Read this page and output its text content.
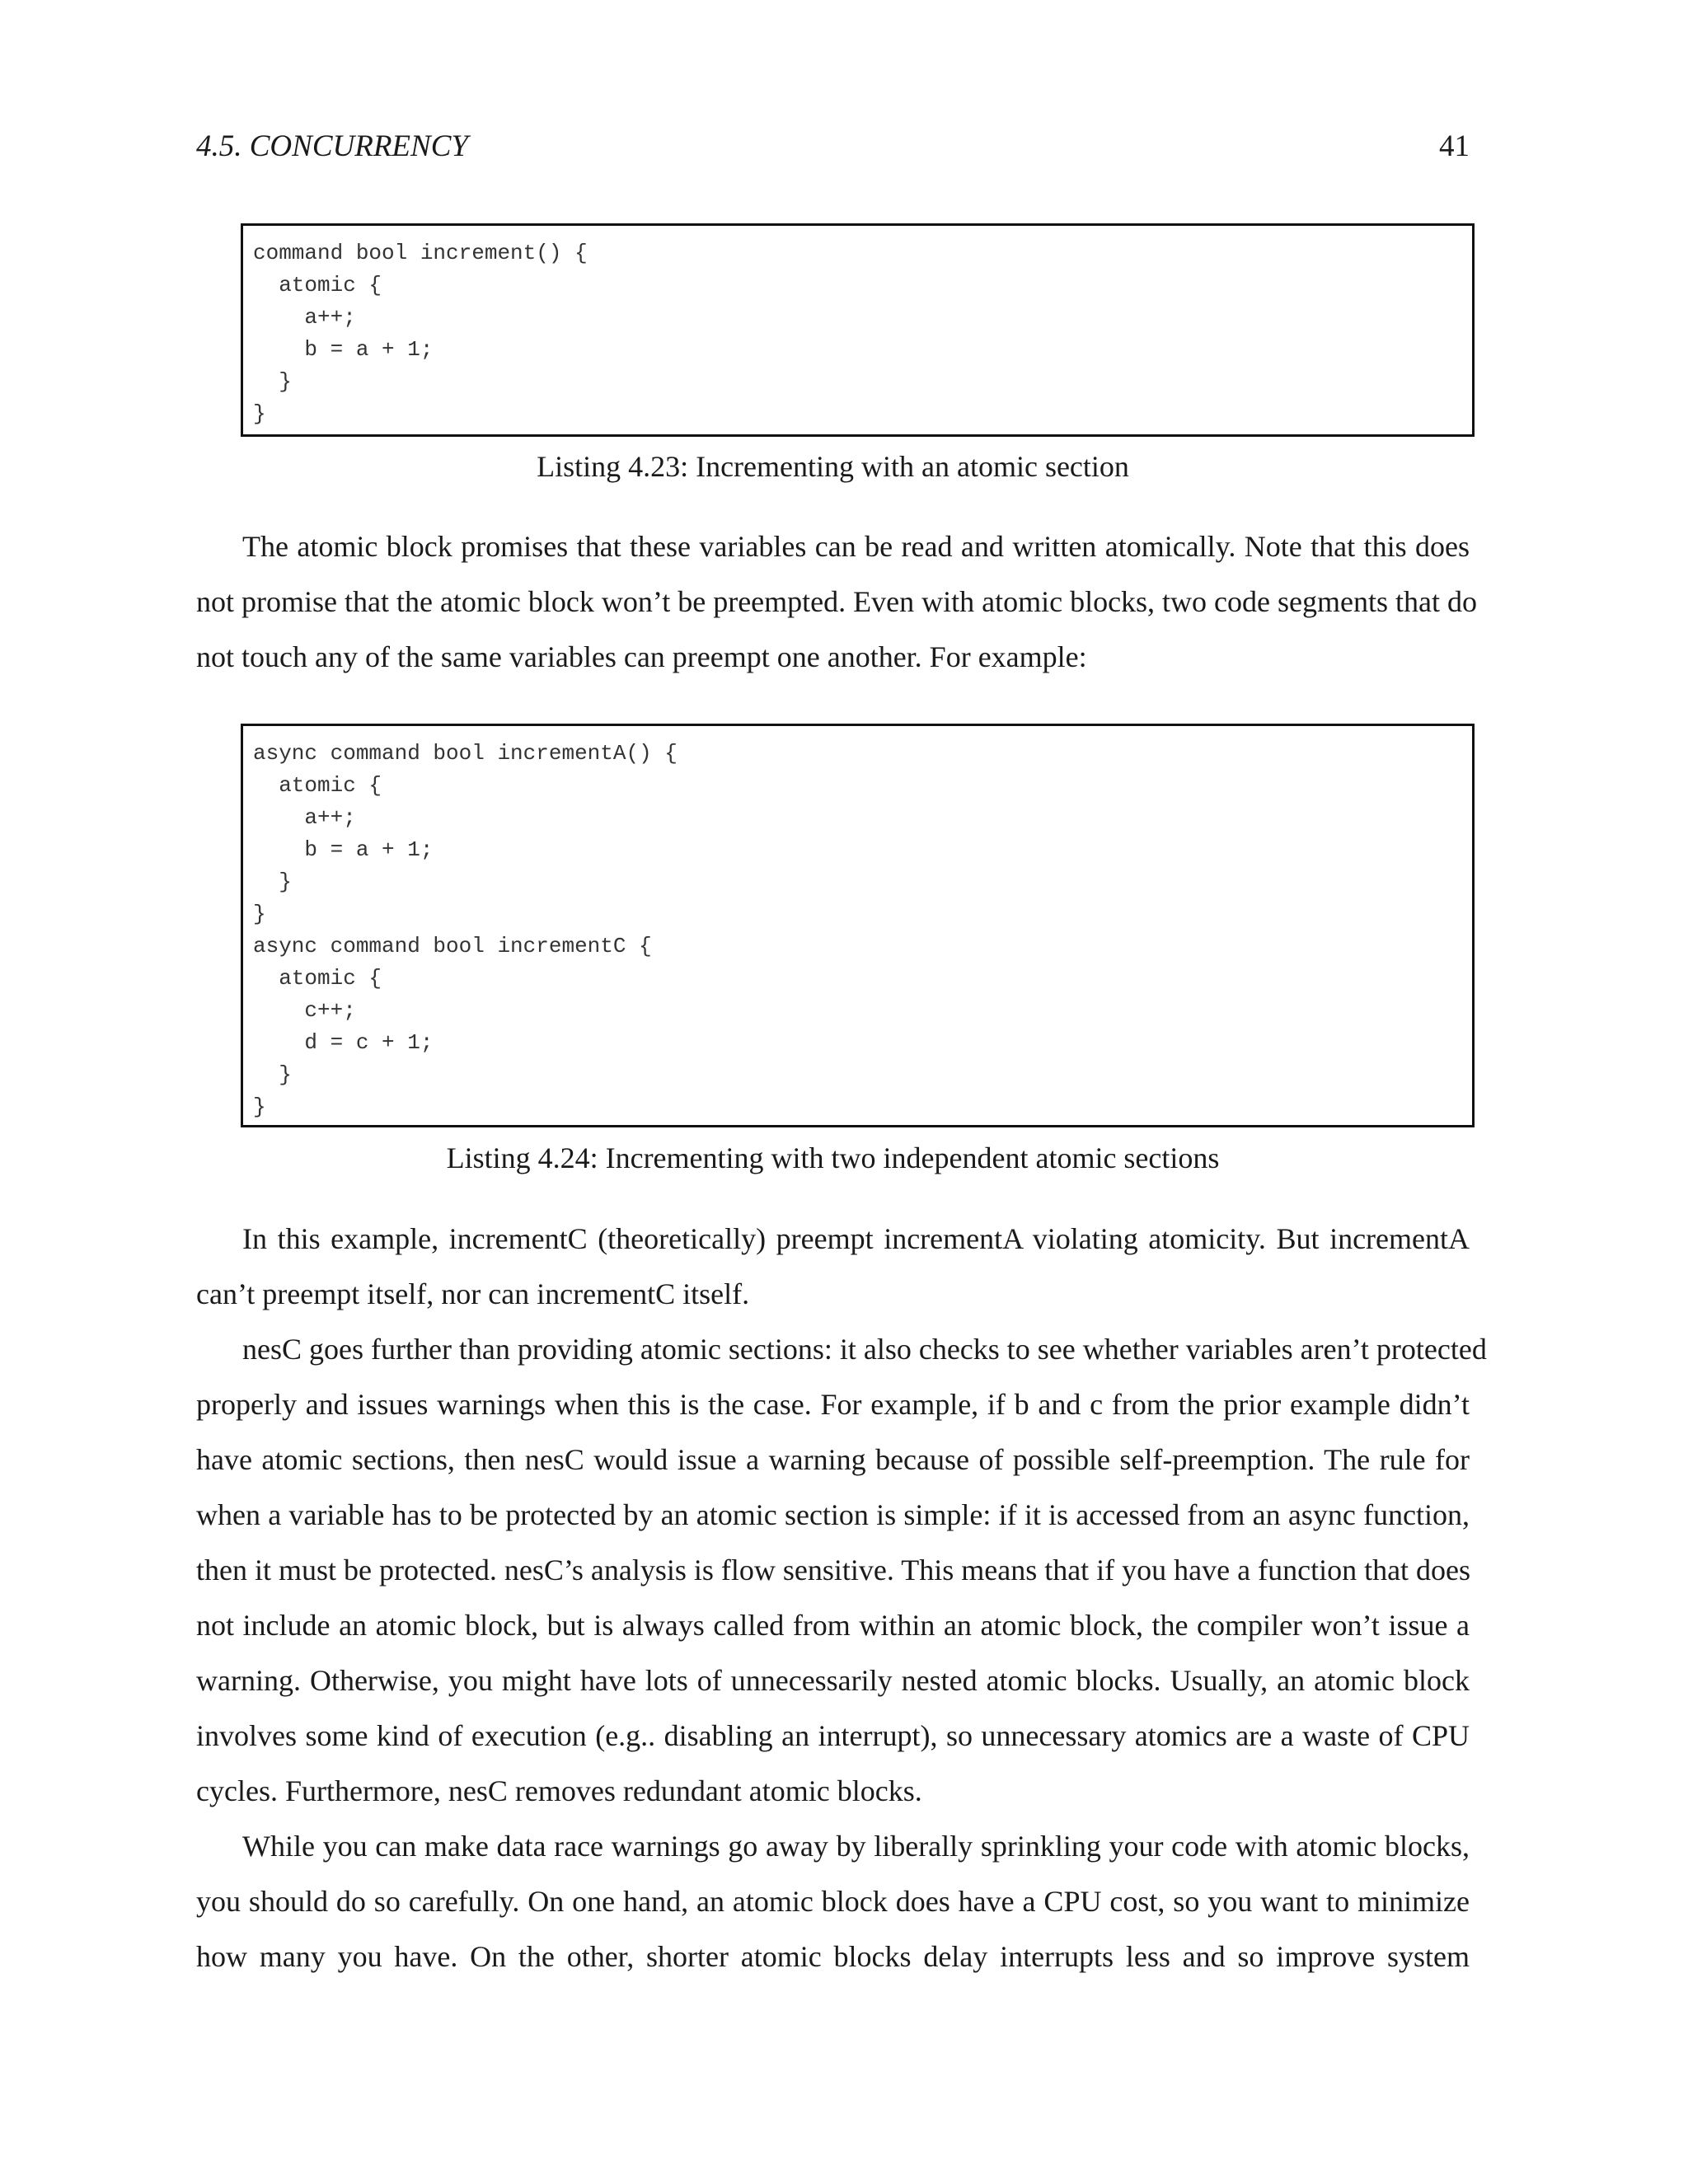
4.5. CONCURRENCY	41
command bool increment() {
atomic {
a++;
b = a + 1;
}
}
Listing 4.23: Incrementing with an atomic section
The atomic block promises that these variables can be read and written atomically. Note that this does
not promise that the atomic block won’t be preempted. Even with atomic blocks, two code segments that do
not touch any of the same variables can preempt one another. For example:
async command bool incrementA() {
atomic {
a++;
b = a + 1;
}
}
async command bool incrementC {
atomic {
c++;
d = c + 1;
}
}
Listing 4.24: Incrementing with two independent atomic sections
In this example, incrementC (theoretically) preempt incrementA violating atomicity. But incrementA
can’t preempt itself, nor can incrementC itself.
nesC goes further than providing atomic sections: it also checks to see whether variables aren’t protected
properly and issues warnings when this is the case. For example, if b and c from the prior example didn’t
have atomic sections, then nesC would issue a warning because of possible self-preemption. The rule for
when a variable has to be protected by an atomic section is simple: if it is accessed from an async function,
then it must be protected. nesC’s analysis is flow sensitive. This means that if you have a function that does
not include an atomic block, but is always called from within an atomic block, the compiler won’t issue a
warning. Otherwise, you might have lots of unnecessarily nested atomic blocks. Usually, an atomic block
involves some kind of execution (e.g.. disabling an interrupt), so unnecessary atomics are a waste of CPU
cycles. Furthermore, nesC removes redundant atomic blocks.
While you can make data race warnings go away by liberally sprinkling your code with atomic blocks,
you should do so carefully. On one hand, an atomic block does have a CPU cost, so you want to minimize
how many you have. On the other, shorter atomic blocks delay interrupts less and so improve system
